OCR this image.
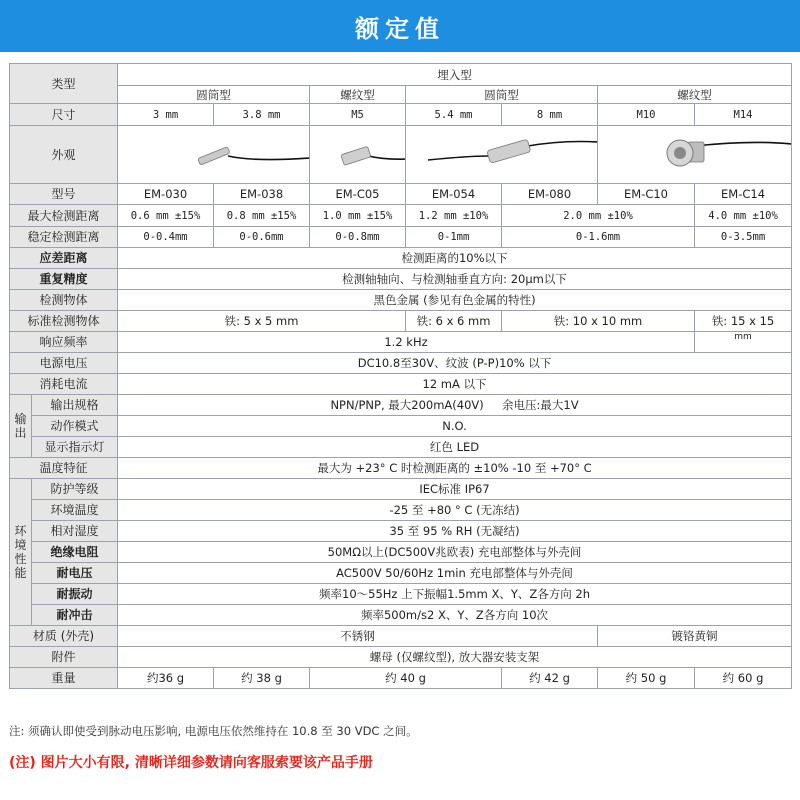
额定值
类型		埋入型						
		圆筒型		螺纹型	圆筒型		螺纹型	
尺寸		3 mm	3.8 mm	M5	5.4 mm	8 mm	M10	M14
外观				
型号		EM-030	EM-038	EM-C05	EM-054	EM-080	EM-C10	EM-C14
最大检测距离		0.6 mm ±15%	0.8 mm ±15%	1.0 mm ±15%	1.2 mm ±10%	2.0 mm ±10%		4.0 mm ±10%
稳定检测距离		0-0.4mm	0-0.6mm	0-0.8mm	0-1mm	0-1.6mm		0-3.5mm
应差距离		检测距离的10%以下						
重复精度		检测轴轴向、与检测轴垂直方向: 20μm以下						
检测物体		黑色金属 (参见有色金属的特性)						
标准检测物体		铁: 5 x 5 mm			铁: 6 x 6 mm	铁: 10 x 10 mm		铁: 15 x 15
响应频率		1.2 kHz						mm
电源电压		DC10.8至30V、纹波 (P-P)10% 以下						
消耗电流		12 mA 以下						
输
出	输出规格	NPN/PNP, 最大200mA(40V)     余电压:最大1V						
	动作模式	N.O.						
	显示指示灯	红色 LED						
温度特征		最大为 +23° C 时检测距离的 ±10% -10 至 +70° C						
环
境
性
能	防护等级	IEC标准 IP67						
	环境温度	-25 至 +80 ° C (无冻结)						
	相对湿度	35 至 95 % RH (无凝结)						
	绝缘电阻	50MΩ以上(DC500V兆欧表) 充电部整体与外壳间						
	耐电压	AC500V 50/60Hz 1min 充电部整体与外壳间						
	耐振动	频率10～55Hz 上下振幅1.5mm X、Y、Z各方向 2h						
	耐冲击	频率500m/s2 X、Y、Z各方向 10次						
材质 (外壳)		不锈钢					镀铬黄铜	
附件		螺母 (仅螺纹型), 放大器安装支架						
重量		约36 g	约 38 g	约 40 g		约 42 g	约 50 g	约 60 g
注: 须确认即使受到脉动电压影响, 电源电压依然维持在 10.8 至 30 VDC 之间。
(注) 图片大小有限, 清晰详细参数请向客服索要该产品手册
